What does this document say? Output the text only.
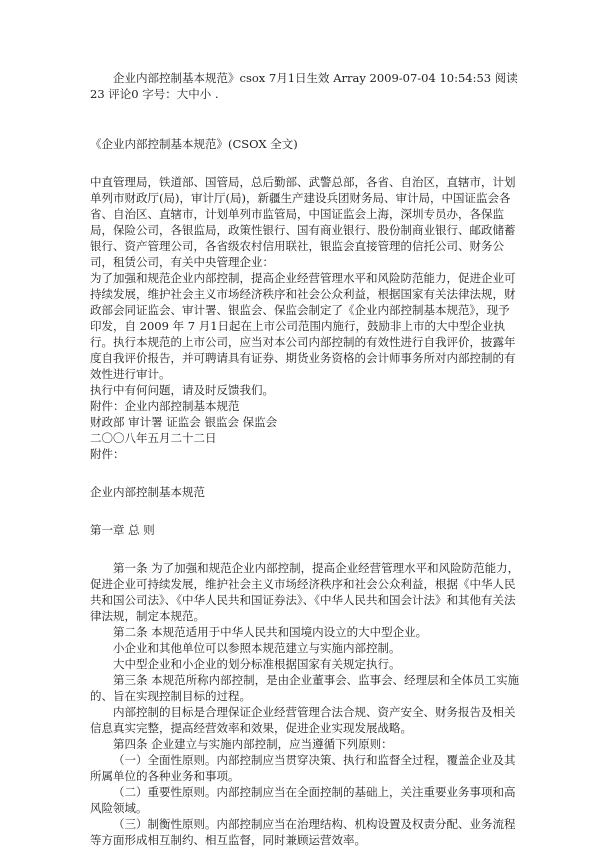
企业内部控制基本规范》csox 7月1日生效 Array 2009-07-04 10:54:53 阅读23 评论0 字号：大中小 .
《企业内部控制基本规范》(CSOX 全文)
中直管理局，铁道部、国管局，总后勤部、武警总部，各省、自治区，直辖市，计划单列市财政厅(局)，审计厅(局)，新疆生产建设兵团财务局、审计局，中国证监会各省、自治区、直辖市，计划单列市监管局，中国证监会上海，深圳专员办，各保监局，保险公司，各银监局，政策性银行、国有商业银行、股份制商业银行、邮政储蓄银行、资产管理公司，各省级农村信用联社，银监会直接管理的信托公司、财务公司，租赁公司，有关中央管理企业：
为了加强和规范企业内部控制，提高企业经营管理水平和风险防范能力，促进企业可持续发展，维护社会主义市场经济秩序和社会公众利益，根据国家有关法律法规，财政部会同证监会、审计署、银监会、保监会制定了《企业内部控制基本规范》，现予印发，自 2009 年 7 月1日起在上市公司范围内施行，鼓励非上市的大中型企业执行。执行本规范的上市公司，应当对本公司内部控制的有效性进行自我评价，披露年度自我评价报告，并可聘请具有证券、期货业务资格的会计师事务所对内部控制的有效性进行审计。
执行中有何问题，请及时反馈我们。
附件：企业内部控制基本规范
财政部 审计署 证监会 银监会 保监会
二〇〇八年五月二十二日
附件：
企业内部控制基本规范
第一章 总 则
第一条 为了加强和规范企业内部控制，提高企业经营管理水平和风险防范能力，促进企业可持续发展，维护社会主义市场经济秩序和社会公众利益，根据《中华人民共和国公司法》、《中华人民共和国证券法》、《中华人民共和国会计法》和其他有关法律法规，制定本规范。
第二条 本规范适用于中华人民共和国境内设立的大中型企业。
小企业和其他单位可以参照本规范建立与实施内部控制。
大中型企业和小企业的划分标准根据国家有关规定执行。
第三条 本规范所称内部控制，是由企业董事会、监事会、经理层和全体员工实施的、旨在实现控制目标的过程。
内部控制的目标是合理保证企业经营管理合法合规、资产安全、财务报告及相关信息真实完整，提高经营效率和效果，促进企业实现发展战略。
第四条 企业建立与实施内部控制，应当遵循下列原则：
（一）全面性原则。内部控制应当贯穿决策、执行和监督全过程，覆盖企业及其所属单位的各种业务和事项。
（二）重要性原则。内部控制应当在全面控制的基础上，关注重要业务事项和高风险领域。
（三）制衡性原则。内部控制应当在治理结构、机构设置及权责分配、业务流程等方面形成相互制约、相互监督，同时兼顾运营效率。
